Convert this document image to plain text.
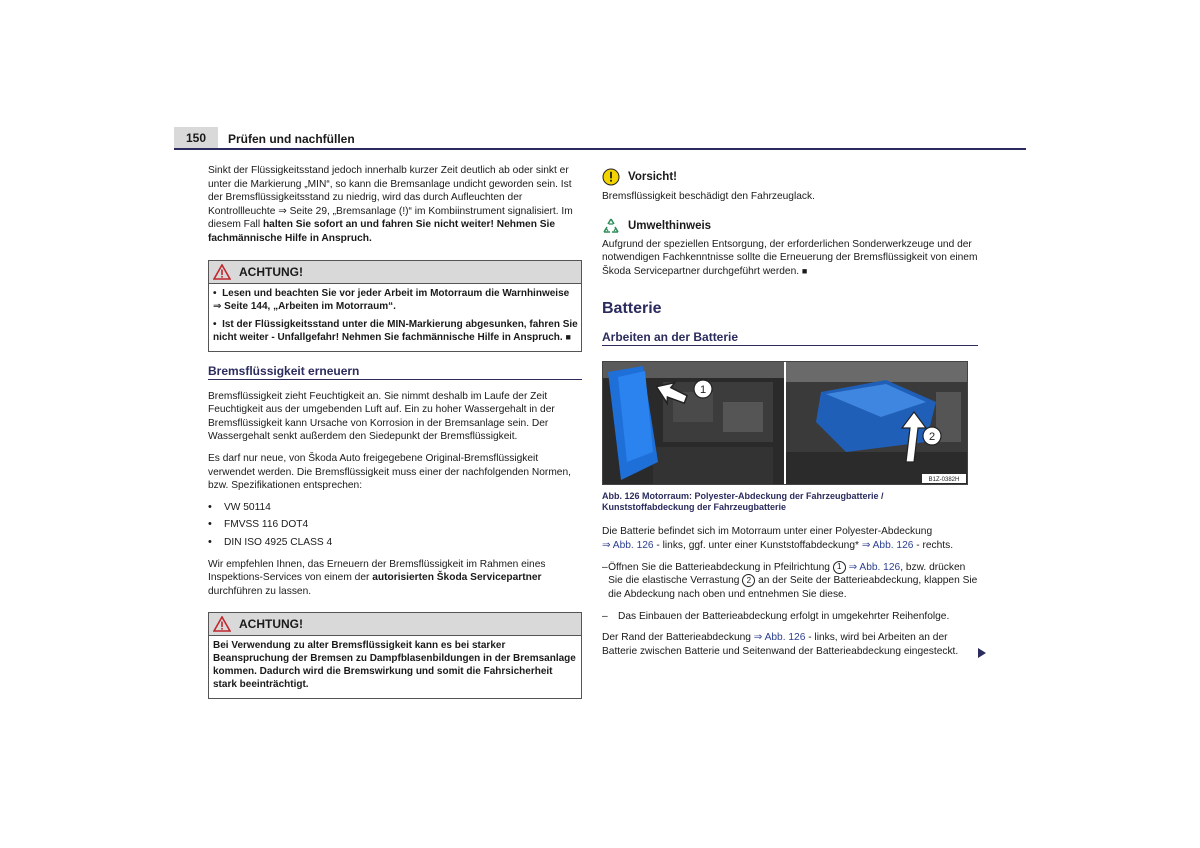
150	Prüfen und nachfüllen

Sinkt der Flüssigkeitsstand jedoch innerhalb kurzer Zeit deutlich ab oder sinkt er unter die Markierung „MIN“, so kann die Bremsanlage undicht geworden sein. Ist der Bremsflüssigkeitsstand zu niedrig, wird das durch Aufleuchten der Kontrollleuchte ⇒ Seite 29, „Bremsanlage (!)“ im Kombiinstrument signalisiert. Im diesem Fall halten Sie sofort an und fahren Sie nicht weiter! Nehmen Sie fachmännische Hilfe in Anspruch.

ACHTUNG!

• Lesen und beachten Sie vor jeder Arbeit im Motorraum die Warnhinweise ⇒ Seite 144, „Arbeiten im Motorraum“.

• Ist der Flüssigkeitsstand unter die MIN-Markierung abgesunken, fahren Sie nicht weiter - Unfallgefahr! Nehmen Sie fachmännische Hilfe in Anspruch. ■

Bremsflüssigkeit erneuern

Bremsflüssigkeit zieht Feuchtigkeit an. Sie nimmt deshalb im Laufe der Zeit Feuchtigkeit aus der umgebenden Luft auf. Ein zu hoher Wassergehalt in der Bremsflüssigkeit kann Ursache von Korrosion in der Bremsanlage sein. Der Wassergehalt senkt außerdem den Siedepunkt der Bremsflüssigkeit.

Es darf nur neue, von Škoda Auto freigegebene Original-Bremsflüssigkeit verwendet werden. Die Bremsflüssigkeit muss einer der nachfolgenden Normen, bzw. Spezifikationen entsprechen:

•	VW 50114
•	FMVSS 116 DOT4
•	DIN ISO 4925 CLASS 4

Wir empfehlen Ihnen, das Erneuern der Bremsflüssigkeit im Rahmen eines Inspektions-Services von einem der autorisierten Škoda Servicepartner durchführen zu lassen.

ACHTUNG!

Bei Verwendung zu alter Bremsflüssigkeit kann es bei starker Beanspruchung der Bremsen zu Dampfblasenbildungen in der Bremsanlage kommen. Dadurch wird die Bremswirkung und somit die Fahrsicherheit stark beeinträchtigt.

Vorsicht!

Bremsflüssigkeit beschädigt den Fahrzeuglack.

Umwelthinweis

Aufgrund der speziellen Entsorgung, der erforderlichen Sonderwerkzeuge und der notwendigen Fachkenntnisse sollte die Erneuerung der Bremsflüssigkeit von einem Škoda Servicepartner durchgeführt werden. ■

Batterie
Arbeiten an der Batterie
1
2
B1Z-0382H
Abb. 126 Motorraum: Polyester-Abdeckung der Fahrzeugbatterie / Kunststoffabdeckung der Fahrzeugbatterie

Die Batterie befindet sich im Motorraum unter einer Polyester-Abdeckung
⇒ Abb. 126 - links, ggf. unter einer Kunststoffabdeckung* ⇒ Abb. 126 - rechts.

– Öffnen Sie die Batterieabdeckung in Pfeilrichtung 1 ⇒ Abb. 126, bzw. drücken Sie die elastische Verrastung 2 an der Seite der Batterieabdeckung, klappen Sie die Abdeckung nach oben und entnehmen Sie diese.
–	Das Einbauen der Batterieabdeckung erfolgt in umgekehrter Reihenfolge.

Der Rand der Batterieabdeckung ⇒ Abb. 126 - links, wird bei Arbeiten an der Batterie zwischen Batterie und Seitenwand der Batterieabdeckung eingesteckt.
